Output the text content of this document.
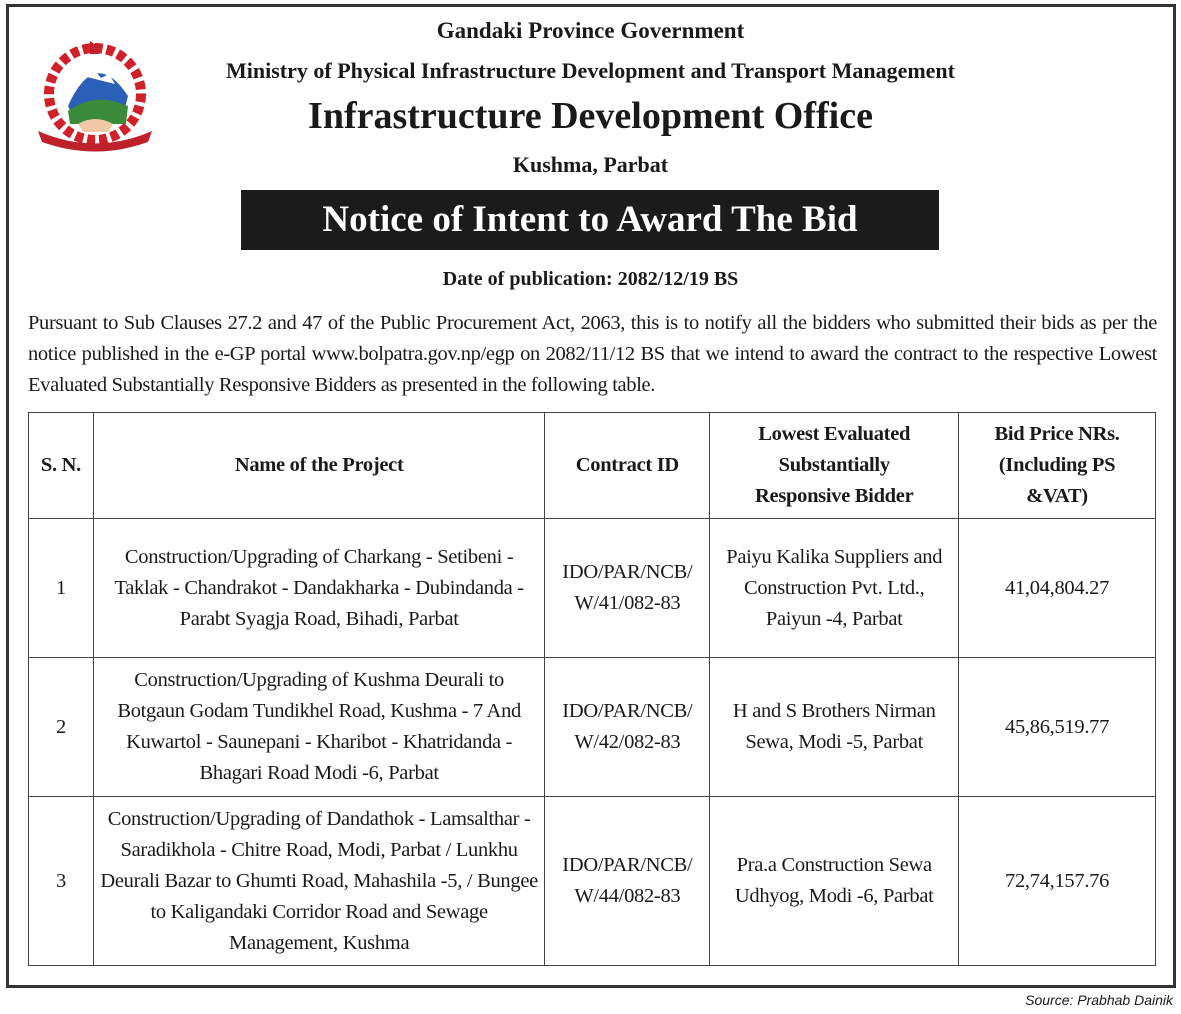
Gandaki Province Government
Ministry of Physical Infrastructure Development and Transport Management
Infrastructure Development Office
Kushma, Parbat
Notice of Intent to Award The Bid
Date of publication: 2082/12/19 BS
Pursuant to Sub Clauses 27.2 and 47 of the Public Procurement Act, 2063, this is to notify all the bidders who submitted their bids as per the notice published in the e-GP portal www.bolpatra.gov.np/egp on 2082/11/12 BS that we intend to award the contract to the respective Lowest Evaluated Substantially Responsive Bidders as presented in the following table.
S. N.	Name of the Project	Contract ID	Lowest Evaluated Substantially Responsive Bidder	Bid Price NRs. (Including PS &VAT)
1	Construction/Upgrading of Charkang - Setibeni - Taklak - Chandrakot - Dandakharka - Dubindanda - Parabt Syagja Road, Bihadi, Parbat	IDO/PAR/NCB/ W/41/082-83	Paiyu Kalika Suppliers and Construction Pvt. Ltd., Paiyun -4, Parbat	41,04,804.27
2	Construction/Upgrading of Kushma Deurali to Botgaun Godam Tundikhel Road, Kushma - 7 And Kuwartol - Saunepani - Kharibot - Khatridanda - Bhagari Road Modi -6, Parbat	IDO/PAR/NCB/ W/42/082-83	H and S Brothers Nirman Sewa, Modi -5, Parbat	45,86,519.77
3	Construction/Upgrading of Dandathok - Lamsalthar - Saradikhola - Chitre Road, Modi, Parbat / Lunkhu Deurali Bazar to Ghumti Road, Mahashila -5, / Bungee to Kaligandaki Corridor Road and Sewage Management, Kushma	IDO/PAR/NCB/ W/44/082-83	Pra.a Construction Sewa Udhyog, Modi -6, Parbat	72,74,157.76
Source: Prabhab Dainik
